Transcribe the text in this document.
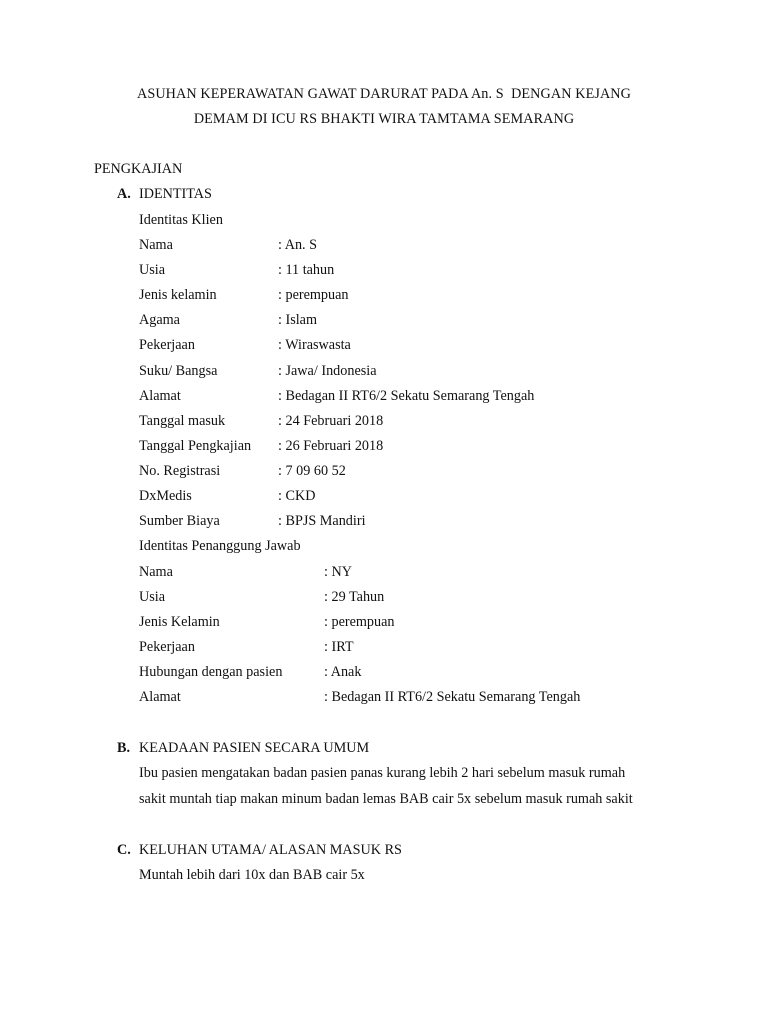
ASUHAN KEPERAWATAN GAWAT DARURAT PADA An. S  DENGAN KEJANG
DEMAM DI ICU RS BHAKTI WIRA TAMTAMA SEMARANG
PENGKAJIAN
A. IDENTITAS
Identitas Klien
Nama	: An. S
Usia	: 11 tahun
Jenis kelamin	: perempuan
Agama	: Islam
Pekerjaan	: Wiraswasta
Suku/ Bangsa	: Jawa/ Indonesia
Alamat	: Bedagan II RT6/2 Sekatu Semarang Tengah
Tanggal masuk	: 24 Februari 2018
Tanggal Pengkajian : 26 Februari 2018
No. Registrasi	: 7 09 60 52
DxMedis	: CKD
Sumber Biaya	: BPJS Mandiri
Identitas Penanggung Jawab
Nama	: NY
Usia	: 29 Tahun
Jenis Kelamin	: perempuan
Pekerjaan	: IRT
Hubungan dengan pasien	: Anak
Alamat	: Bedagan II RT6/2 Sekatu Semarang Tengah
B. KEADAAN PASIEN SECARA UMUM
Ibu pasien mengatakan badan pasien panas kurang lebih 2 hari sebelum masuk rumah
sakit muntah tiap makan minum badan lemas BAB cair 5x sebelum masuk rumah sakit
C. KELUHAN UTAMA/ ALASAN MASUK RS
Muntah lebih dari 10x dan BAB cair 5x
